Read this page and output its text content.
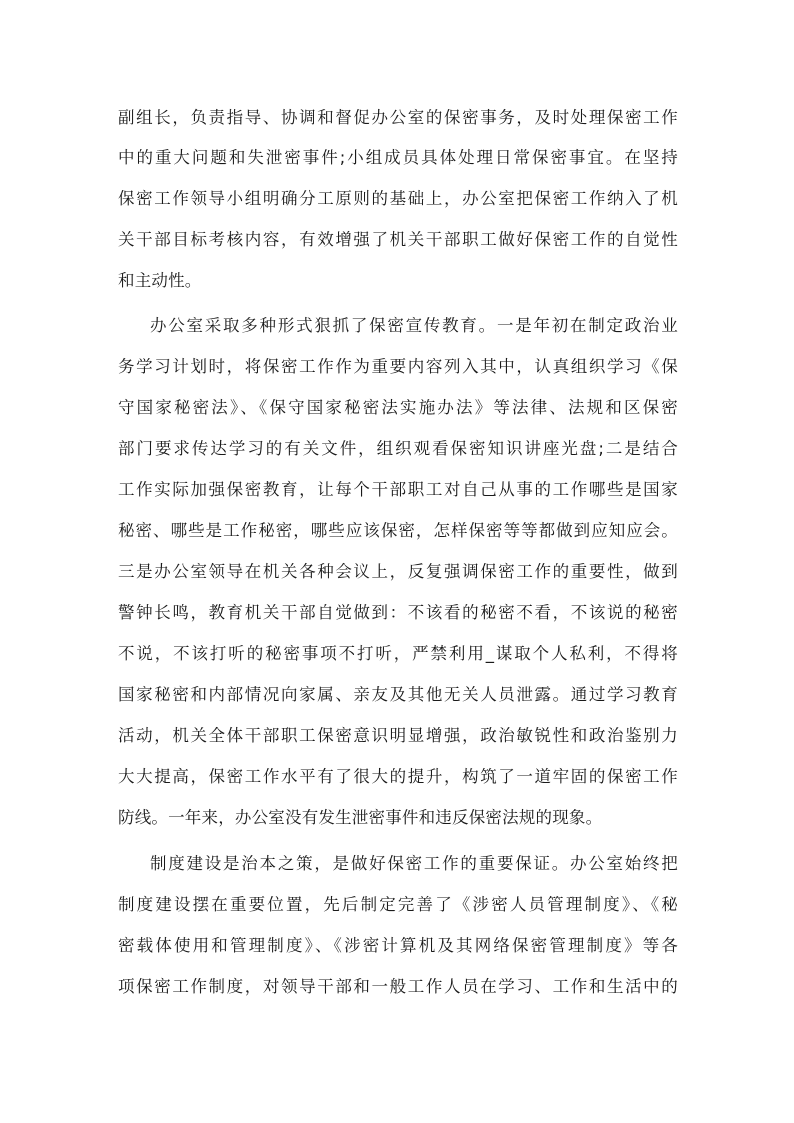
副组长，负责指导、协调和督促办公室的保密事务，及时处理保密工作
中的重大问题和失泄密事件;小组成员具体处理日常保密事宜。在坚持
保密工作领导小组明确分工原则的基础上，办公室把保密工作纳入了机
关干部目标考核内容，有效增强了机关干部职工做好保密工作的自觉性
和主动性。
办公室采取多种形式狠抓了保密宣传教育。一是年初在制定政治业
务学习计划时，将保密工作作为重要内容列入其中，认真组织学习《保
守国家秘密法》、《保守国家秘密法实施办法》等法律、法规和区保密
部门要求传达学习的有关文件，组织观看保密知识讲座光盘;二是结合
工作实际加强保密教育，让每个干部职工对自己从事的工作哪些是国家
秘密、哪些是工作秘密，哪些应该保密，怎样保密等等都做到应知应会。
三是办公室领导在机关各种会议上，反复强调保密工作的重要性，做到
警钟长鸣，教育机关干部自觉做到：不该看的秘密不看，不该说的秘密
不说，不该打听的秘密事项不打听，严禁利用_谋取个人私利，不得将
国家秘密和内部情况向家属、亲友及其他无关人员泄露。通过学习教育
活动，机关全体干部职工保密意识明显增强，政治敏锐性和政治鉴别力
大大提高，保密工作水平有了很大的提升，构筑了一道牢固的保密工作
防线。一年来，办公室没有发生泄密事件和违反保密法规的现象。
制度建设是治本之策，是做好保密工作的重要保证。办公室始终把
制度建设摆在重要位置，先后制定完善了《涉密人员管理制度》、《秘
密载体使用和管理制度》、《涉密计算机及其网络保密管理制度》等各
项保密工作制度，对领导干部和一般工作人员在学习、工作和生活中的
